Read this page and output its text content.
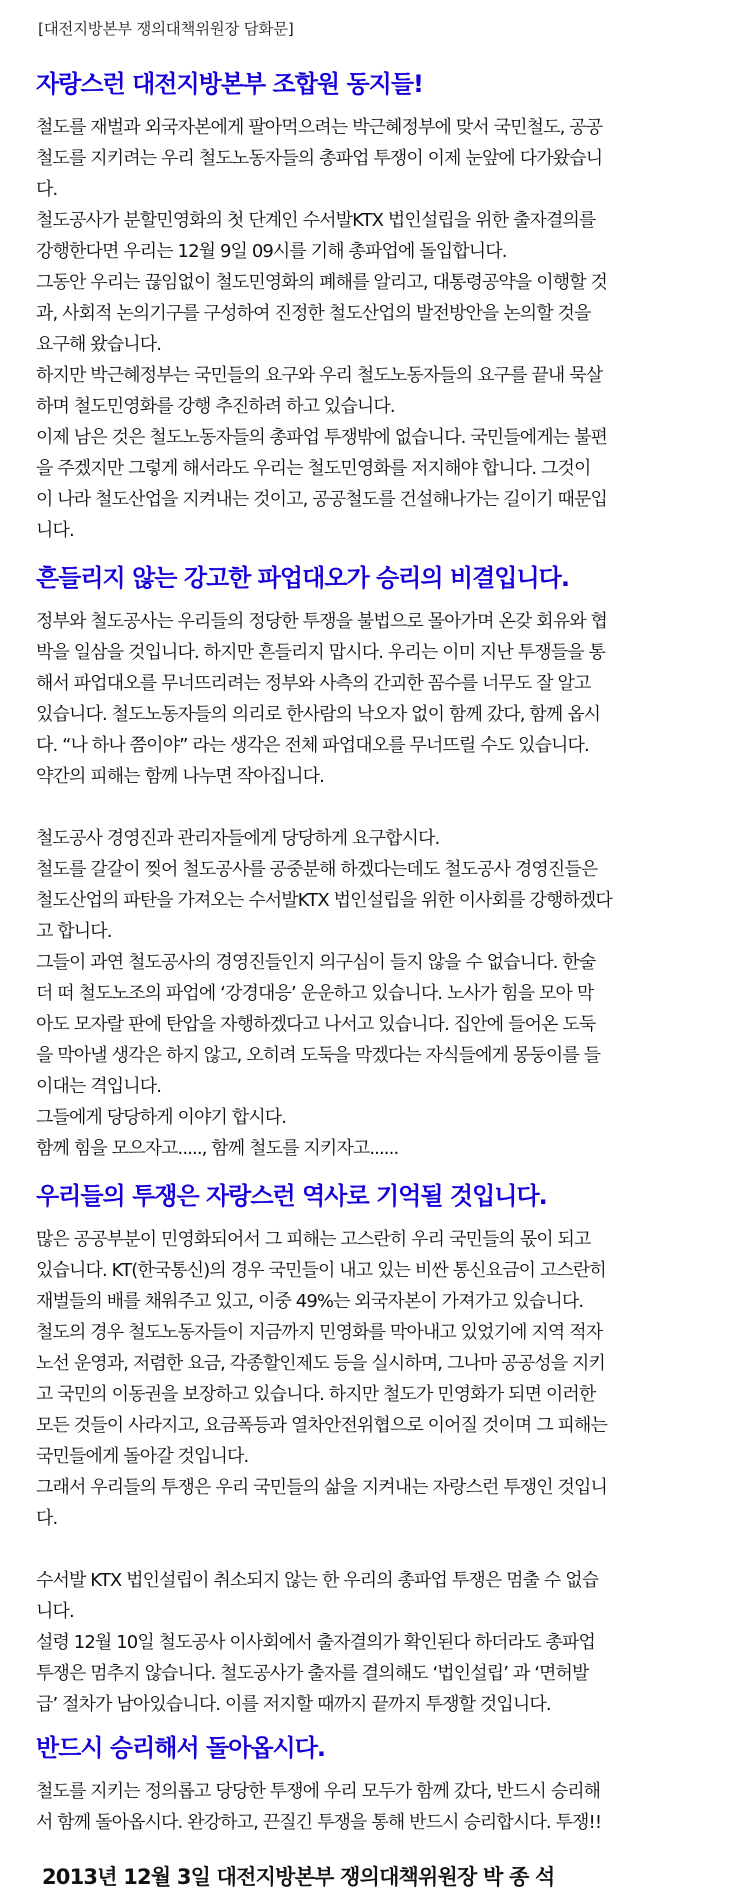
[대전지방본부 쟁의대책위원장 담화문]
자랑스런 대전지방본부 조합원 동지들!
철도를 재벌과 외국자본에게 팔아먹으려는 박근혜정부에 맞서 국민철도, 공공
철도를 지키려는 우리 철도노동자들의 총파업 투쟁이 이제 눈앞에 다가왔습니
다.
철도공사가 분할민영화의 첫 단계인 수서발KTX 법인설립을 위한 출자결의를
강행한다면 우리는 12월 9일 09시를 기해 총파업에 돌입합니다.
그동안 우리는 끊임없이 철도민영화의 폐해를 알리고, 대통령공약을 이행할 것
과, 사회적 논의기구를 구성하여 진정한 철도산업의 발전방안을 논의할 것을
요구해 왔습니다.
하지만 박근혜정부는 국민들의 요구와 우리 철도노동자들의 요구를 끝내 묵살
하며 철도민영화를 강행 추진하려 하고 있습니다.
이제 남은 것은 철도노동자들의 총파업 투쟁밖에 없습니다. 국민들에게는 불편
을 주겠지만 그렇게 해서라도 우리는 철도민영화를 저지해야 합니다. 그것이
이 나라 철도산업을 지켜내는 것이고, 공공철도를 건설해나가는 길이기 때문입
니다.
흔들리지 않는 강고한 파업대오가 승리의 비결입니다.
정부와 철도공사는 우리들의 정당한 투쟁을 불법으로 몰아가며 온갖 회유와 협
박을 일삼을 것입니다. 하지만 흔들리지 맙시다. 우리는 이미 지난 투쟁들을 통
해서 파업대오를 무너뜨리려는 정부와 사측의 간괴한 꼼수를 너무도 잘 알고
있습니다. 철도노동자들의 의리로 한사람의 낙오자 없이 함께 갔다, 함께 옵시
다. “나 하나 쯤이야” 라는 생각은 전체 파업대오를 무너뜨릴 수도 있습니다.
약간의 피해는 함께 나누면 작아집니다.
철도공사 경영진과 관리자들에게 당당하게 요구합시다.
철도를 갈갈이 찢어 철도공사를 공중분해 하겠다는데도 철도공사 경영진들은
철도산업의 파탄을 가져오는 수서발KTX 법인설립을 위한 이사회를 강행하겠다
고 합니다.
그들이 과연 철도공사의 경영진들인지 의구심이 들지 않을 수 없습니다. 한술
더 떠 철도노조의 파업에 ‘강경대응’ 운운하고 있습니다. 노사가 힘을 모아 막
아도 모자랄 판에 탄압을 자행하겠다고 나서고 있습니다. 집안에 들어온 도둑
을 막아낼 생각은 하지 않고, 오히려 도둑을 막겠다는 자식들에게 몽둥이를 들
이대는 격입니다.
그들에게 당당하게 이야기 합시다.
함께 힘을 모으자고....., 함께 철도를 지키자고......
우리들의 투쟁은 자랑스런 역사로 기억될 것입니다.
많은 공공부분이 민영화되어서 그 피해는 고스란히 우리 국민들의 몫이 되고
있습니다. KT(한국통신)의 경우 국민들이 내고 있는 비싼 통신요금이 고스란히
재벌들의 배를 채워주고 있고, 이중 49%는 외국자본이 가져가고 있습니다.
철도의 경우 철도노동자들이 지금까지 민영화를 막아내고 있었기에 지역 적자
노선 운영과, 저렴한 요금, 각종할인제도 등을 실시하며, 그나마 공공성을 지키
고 국민의 이동권을 보장하고 있습니다. 하지만 철도가 민영화가 되면 이러한
모든 것들이 사라지고, 요금폭등과 열차안전위협으로 이어질 것이며 그 피해는
국민들에게 돌아갈 것입니다.
그래서 우리들의 투쟁은 우리 국민들의 삶을 지켜내는 자랑스런 투쟁인 것입니
다.
수서발 KTX 법인설립이 취소되지 않는 한 우리의 총파업 투쟁은 멈출 수 없습
니다.
설령 12월 10일 철도공사 이사회에서 출자결의가 확인된다 하더라도 총파업
투쟁은 멈추지 않습니다. 철도공사가 출자를 결의해도 ‘법인설립’ 과 ‘면허발
급’ 절차가 남아있습니다. 이를 저지할 때까지 끝까지 투쟁할 것입니다.
반드시 승리해서 돌아옵시다.
철도를 지키는 정의롭고 당당한 투쟁에 우리 모두가 함께 갔다, 반드시 승리해
서 함께 돌아옵시다. 완강하고, 끈질긴 투쟁을 통해 반드시 승리합시다. 투쟁!!
2013년 12월 3일 대전지방본부 쟁의대책위원장 박 종 석
